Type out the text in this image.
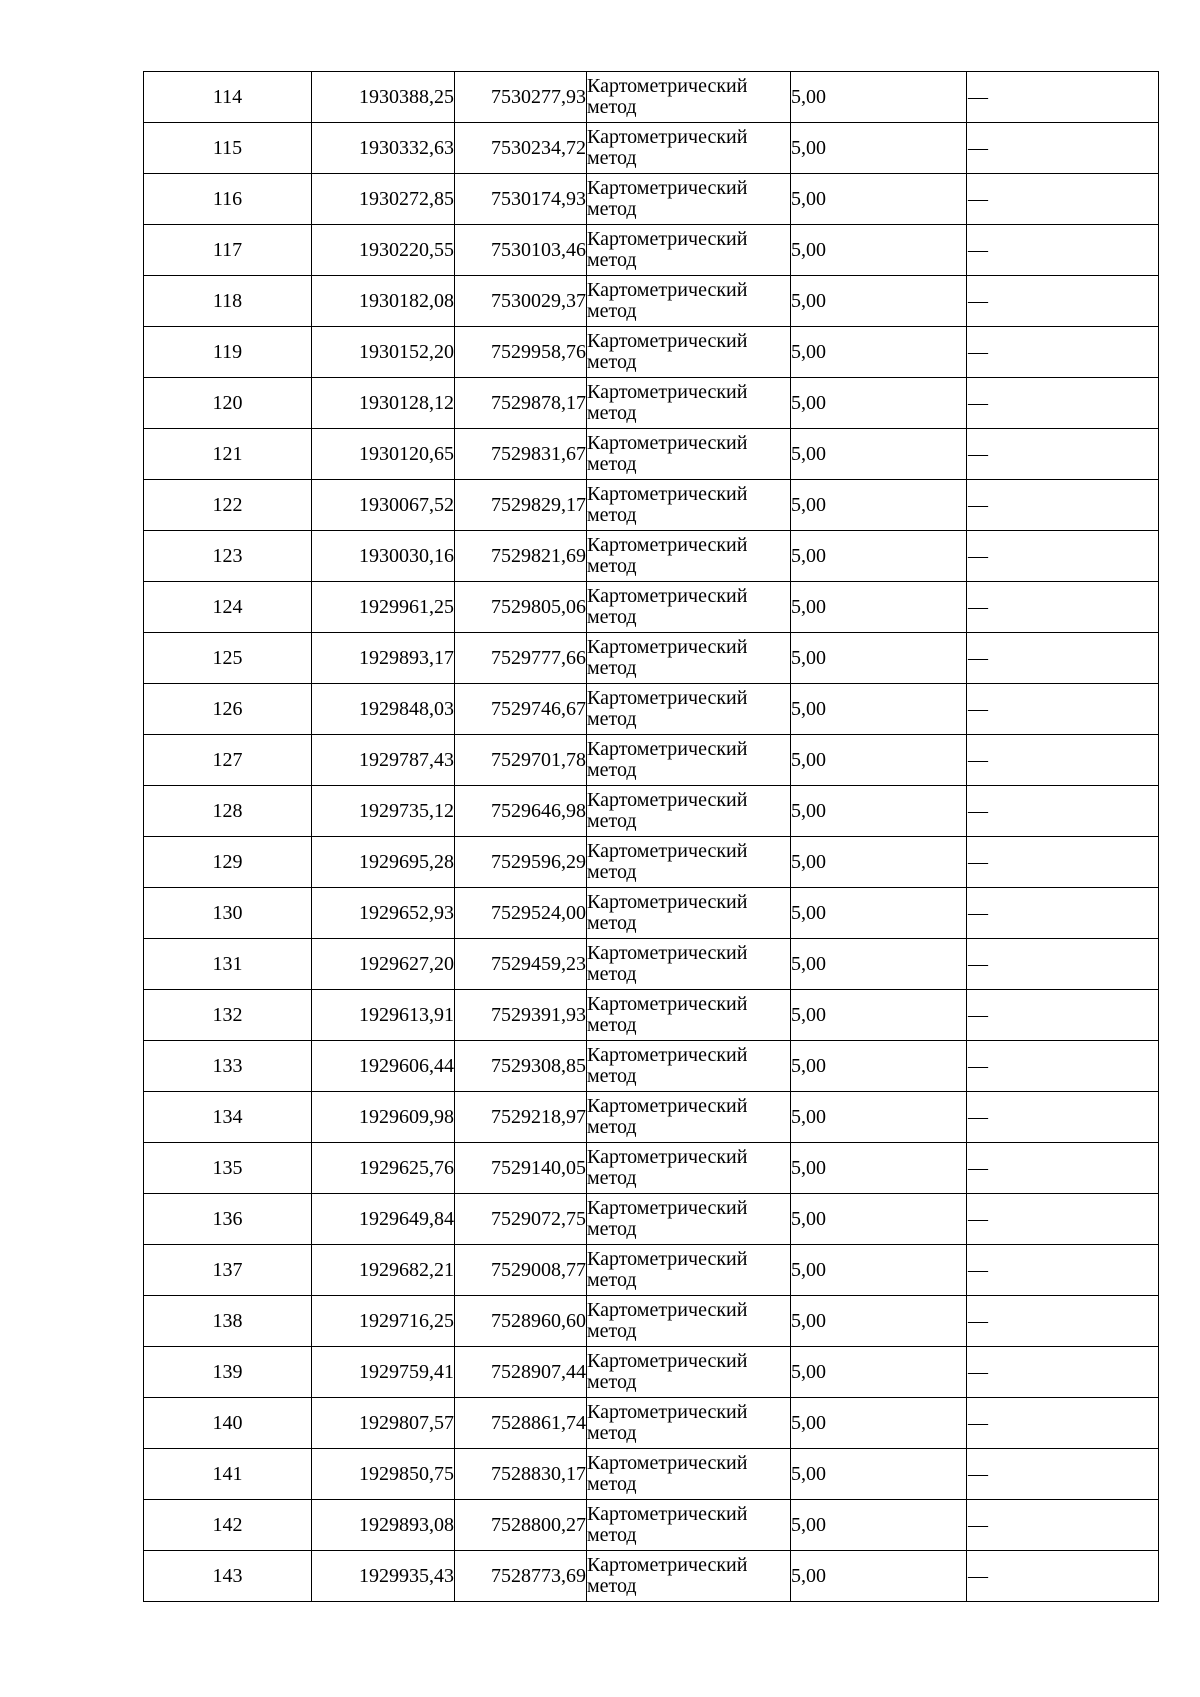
114	1930388,25	7530277,93	Картометрический
метод	5,00	—
115	1930332,63	7530234,72	Картометрический
метод	5,00	—
116	1930272,85	7530174,93	Картометрический
метод	5,00	—
117	1930220,55	7530103,46	Картометрический
метод	5,00	—
118	1930182,08	7530029,37	Картометрический
метод	5,00	—
119	1930152,20	7529958,76	Картометрический
метод	5,00	—
120	1930128,12	7529878,17	Картометрический
метод	5,00	—
121	1930120,65	7529831,67	Картометрический
метод	5,00	—
122	1930067,52	7529829,17	Картометрический
метод	5,00	—
123	1930030,16	7529821,69	Картометрический
метод	5,00	—
124	1929961,25	7529805,06	Картометрический
метод	5,00	—
125	1929893,17	7529777,66	Картометрический
метод	5,00	—
126	1929848,03	7529746,67	Картометрический
метод	5,00	—
127	1929787,43	7529701,78	Картометрический
метод	5,00	—
128	1929735,12	7529646,98	Картометрический
метод	5,00	—
129	1929695,28	7529596,29	Картометрический
метод	5,00	—
130	1929652,93	7529524,00	Картометрический
метод	5,00	—
131	1929627,20	7529459,23	Картометрический
метод	5,00	—
132	1929613,91	7529391,93	Картометрический
метод	5,00	—
133	1929606,44	7529308,85	Картометрический
метод	5,00	—
134	1929609,98	7529218,97	Картометрический
метод	5,00	—
135	1929625,76	7529140,05	Картометрический
метод	5,00	—
136	1929649,84	7529072,75	Картометрический
метод	5,00	—
137	1929682,21	7529008,77	Картометрический
метод	5,00	—
138	1929716,25	7528960,60	Картометрический
метод	5,00	—
139	1929759,41	7528907,44	Картометрический
метод	5,00	—
140	1929807,57	7528861,74	Картометрический
метод	5,00	—
141	1929850,75	7528830,17	Картометрический
метод	5,00	—
142	1929893,08	7528800,27	Картометрический
метод	5,00	—
143	1929935,43	7528773,69	Картометрический
метод	5,00	—
